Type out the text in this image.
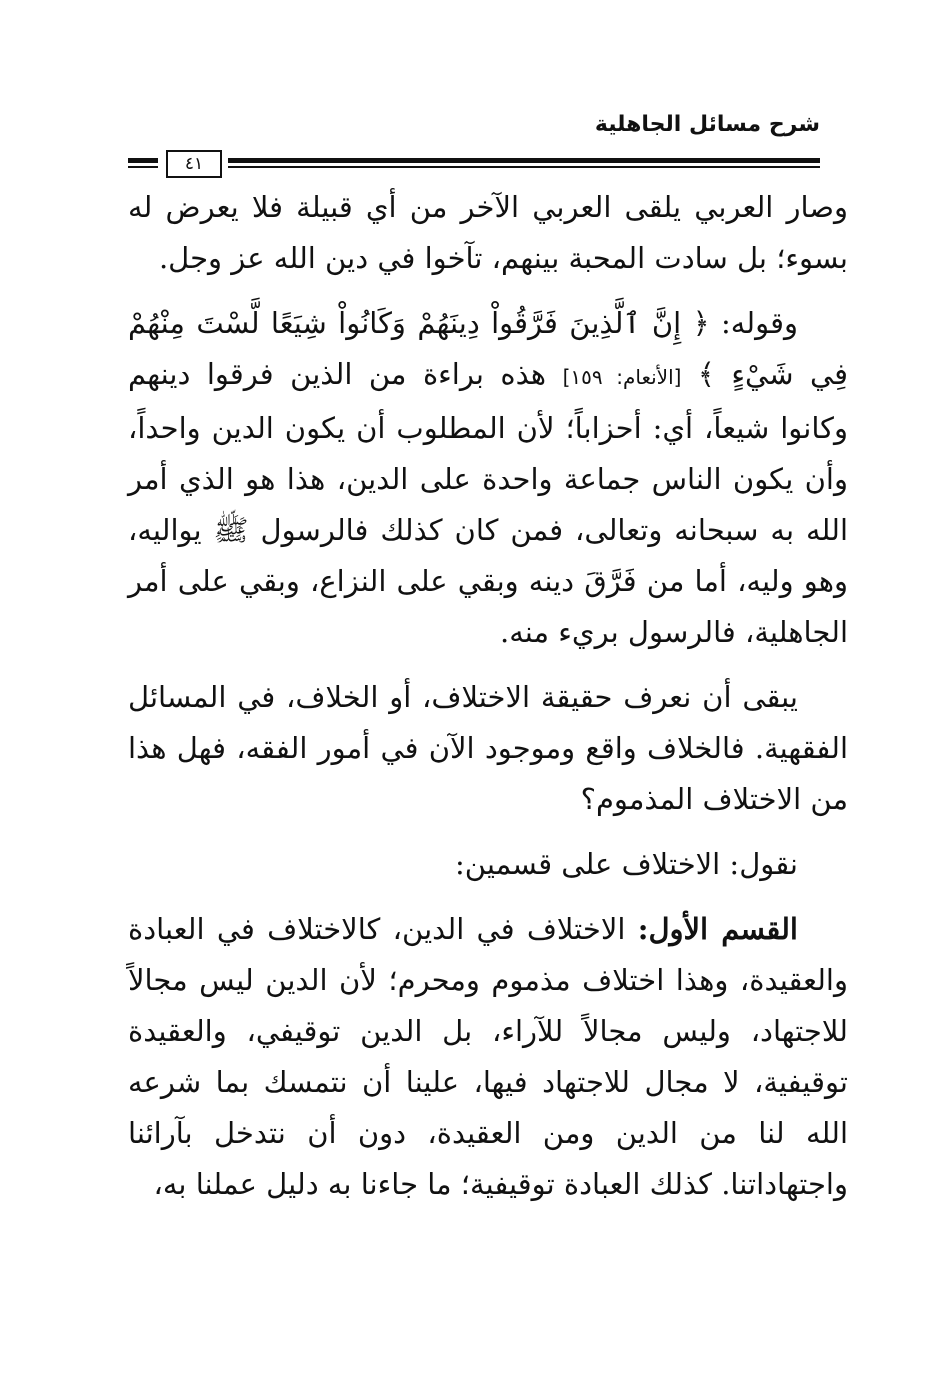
شرح مسائل الجاهلية
٤١

وصار العربي يلقى العربي الآخر من أي قبيلة فلا يعرض له بسوء؛ بل سادت المحبة بينهم، تآخوا في دين الله عز وجل.

وقوله: ﴿ إِنَّ ٱلَّذِينَ فَرَّقُواْ دِينَهُمْ وَكَانُواْ شِيَعًا لَّسْتَ مِنْهُمْ فِي شَيْءٍ ﴾ [الأنعام: ١٥٩] هذه براءة من الذين فرقوا دينهم وكانوا شيعاً، أي: أحزاباً؛ لأن المطلوب أن يكون الدين واحداً، وأن يكون الناس جماعة واحدة على الدين، هذا هو الذي أمر الله به سبحانه وتعالى، فمن كان كذلك فالرسول ﷺ يواليه، وهو وليه، أما من فَرَّقَ دينه وبقي على النزاع، وبقي على أمر الجاهلية، فالرسول بريء منه.

يبقى أن نعرف حقيقة الاختلاف، أو الخلاف، في المسائل الفقهية. فالخلاف واقع وموجود الآن في أمور الفقه، فهل هذا من الاختلاف المذموم؟

نقول: الاختلاف على قسمين:

القسم الأول: الاختلاف في الدين، كالاختلاف في العبادة والعقيدة، وهذا اختلاف مذموم ومحرم؛ لأن الدين ليس مجالاً للاجتهاد، وليس مجالاً للآراء، بل الدين توقيفي، والعقيدة توقيفية، لا مجال للاجتهاد فيها، علينا أن نتمسك بما شرعه الله لنا من الدين ومن العقيدة، دون أن نتدخل بآرائنا واجتهاداتنا. كذلك العبادة توقيفية؛ ما جاءنا به دليل عملنا به،
